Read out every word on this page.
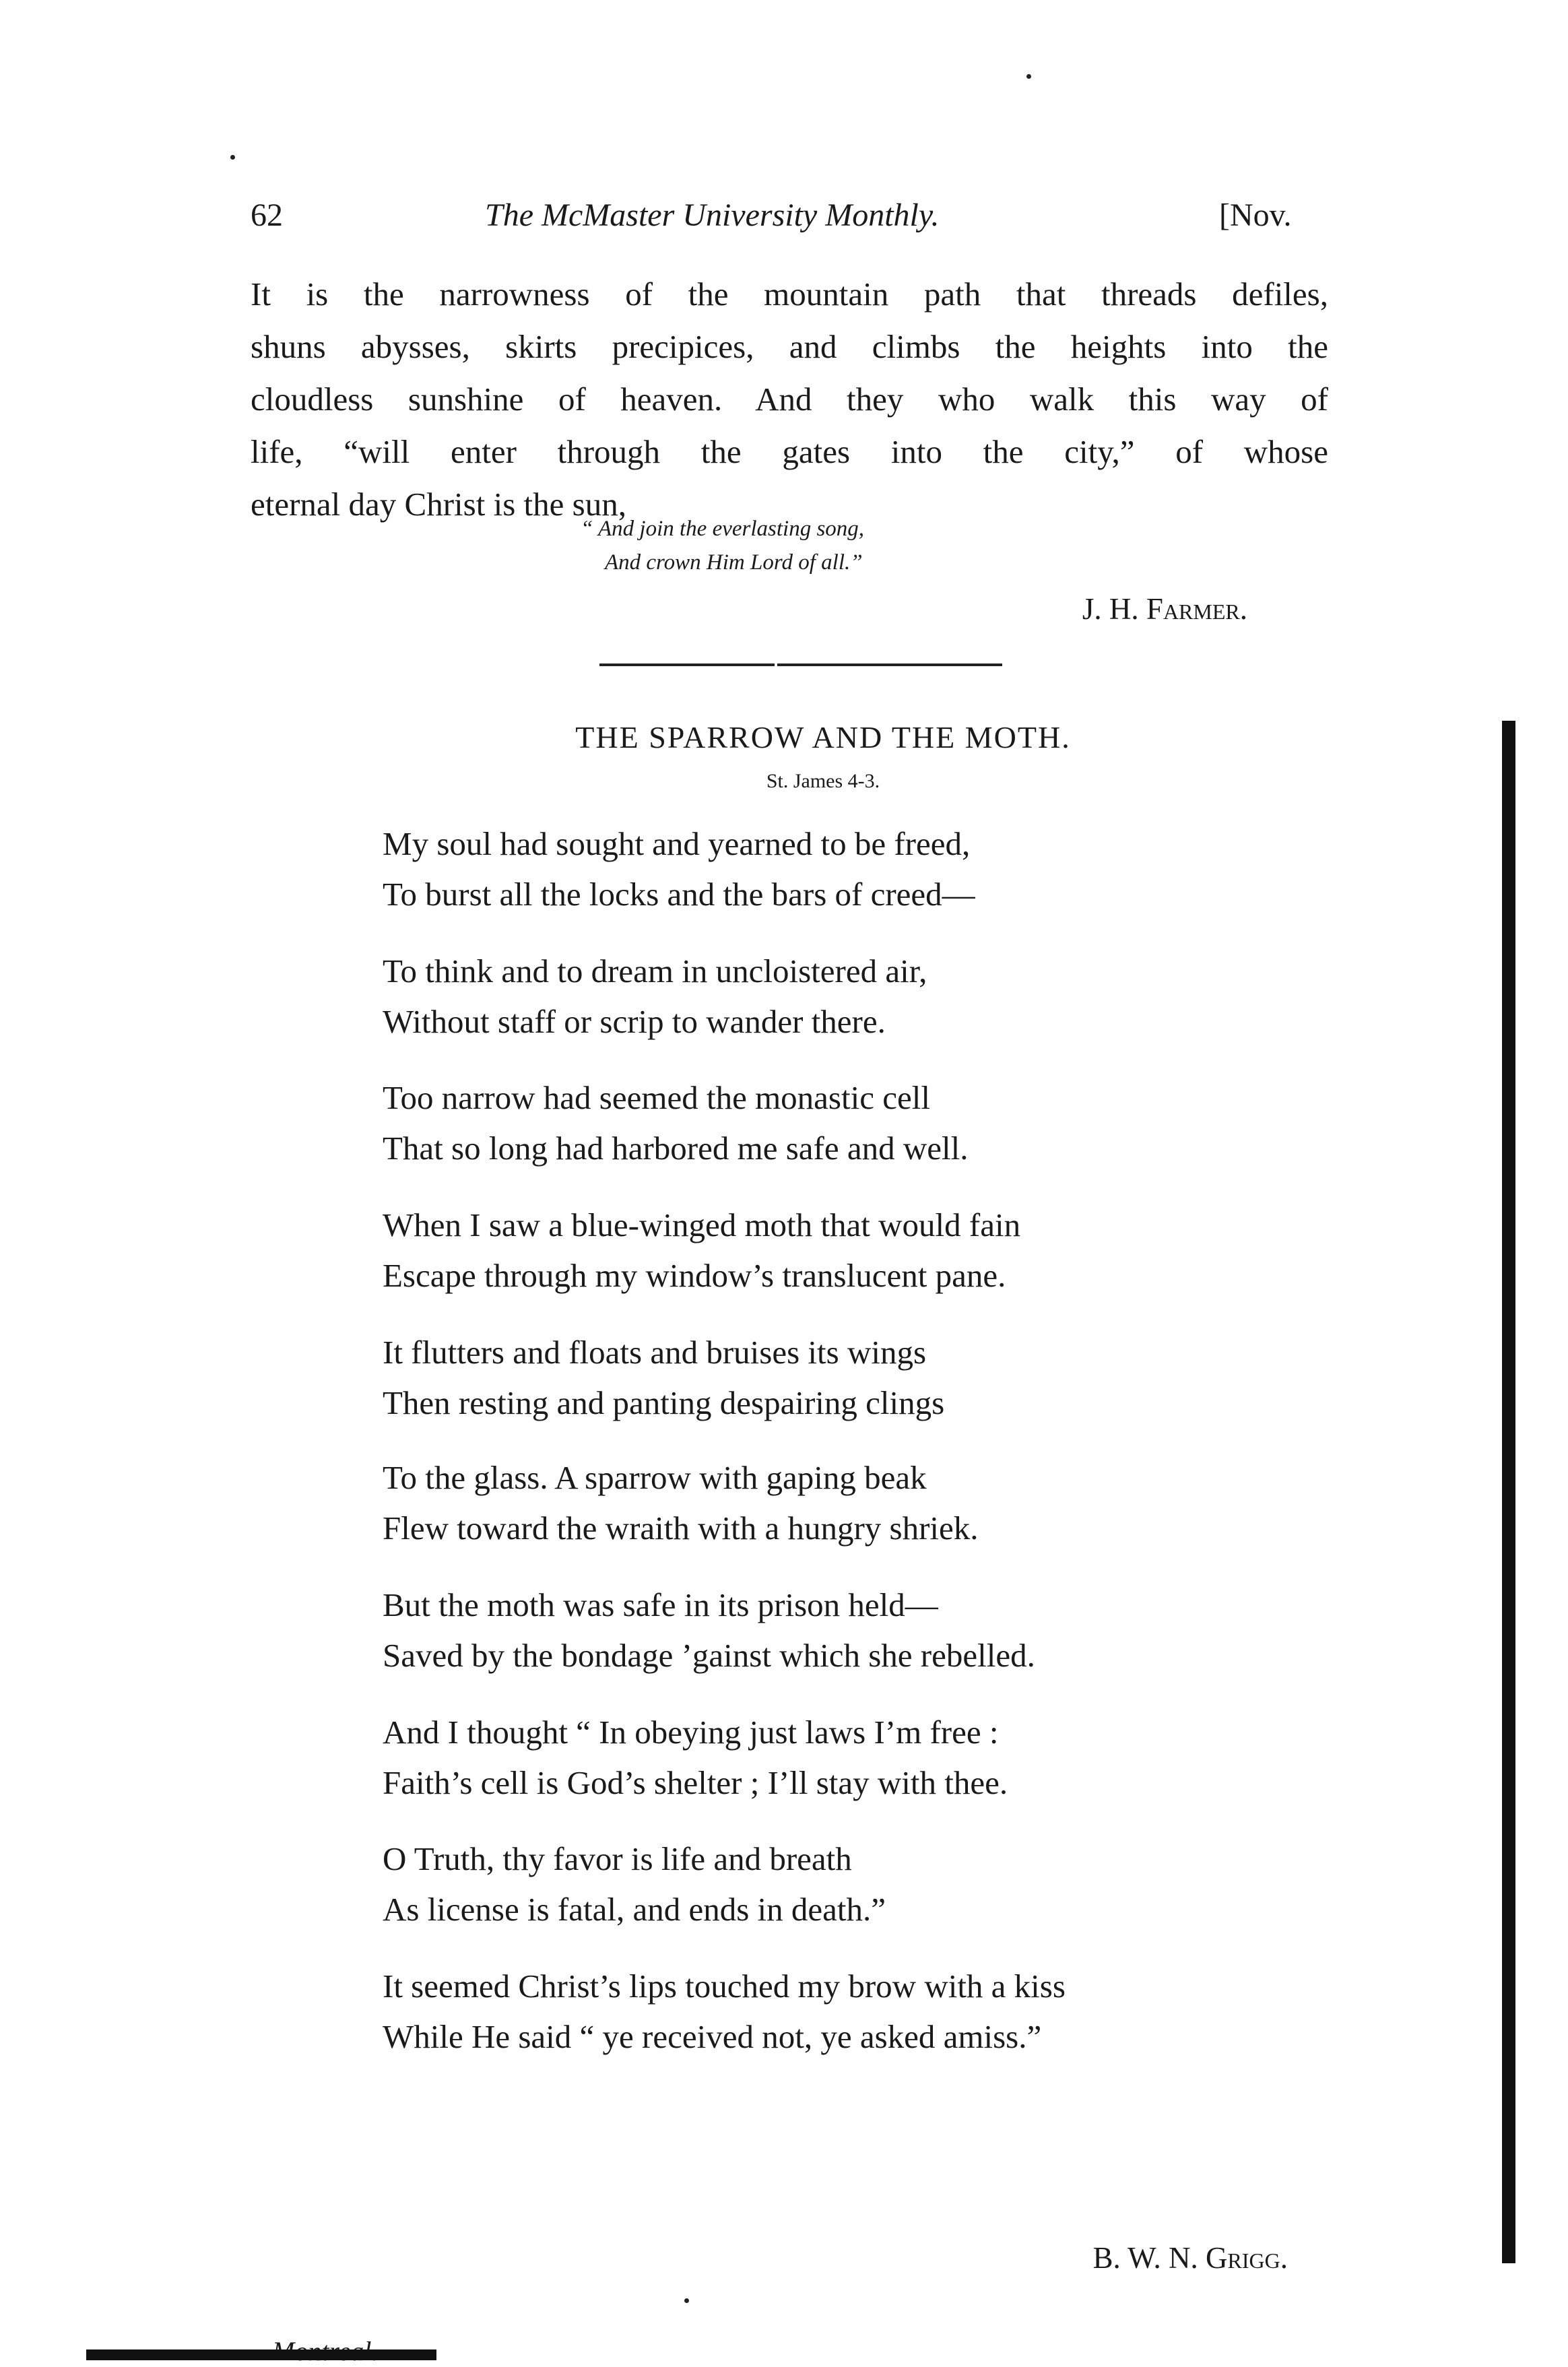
62	The McMaster University Monthly.	[Nov.
It is the narrowness of the mountain path that threads defiles,
shuns abysses, skirts precipices, and climbs the heights into the
cloudless sunshine of heaven. And they who walk this way of
life, “will enter through the gates into the city,” of whose
eternal day Christ is the sun,
“ And join the everlasting song,
And crown Him Lord of all.”
J. H. Farmer.
THE SPARROW AND THE MOTH.
St. James 4-3.
My soul had sought and yearned to be freed,
To burst all the locks and the bars of creed—
To think and to dream in uncloistered air,
Without staff or scrip to wander there.
Too narrow had seemed the monastic cell
That so long had harbored me safe and well.
When I saw a blue-winged moth that would fain
Escape through my window’s translucent pane.
It flutters and floats and bruises its wings
Then resting and panting despairing clings
To the glass. A sparrow with gaping beak
Flew toward the wraith with a hungry shriek.
But the moth was safe in its prison held—
Saved by the bondage ’gainst which she rebelled.
And I thought “ In obeying just laws I’m free :
Faith’s cell is God’s shelter ; I’ll stay with thee.
O Truth, thy favor is life and breath
As license is fatal, and ends in death.”
It seemed Christ’s lips touched my brow with a kiss
While He said “ ye received not, ye asked amiss.”
B. W. N. Grigg.
